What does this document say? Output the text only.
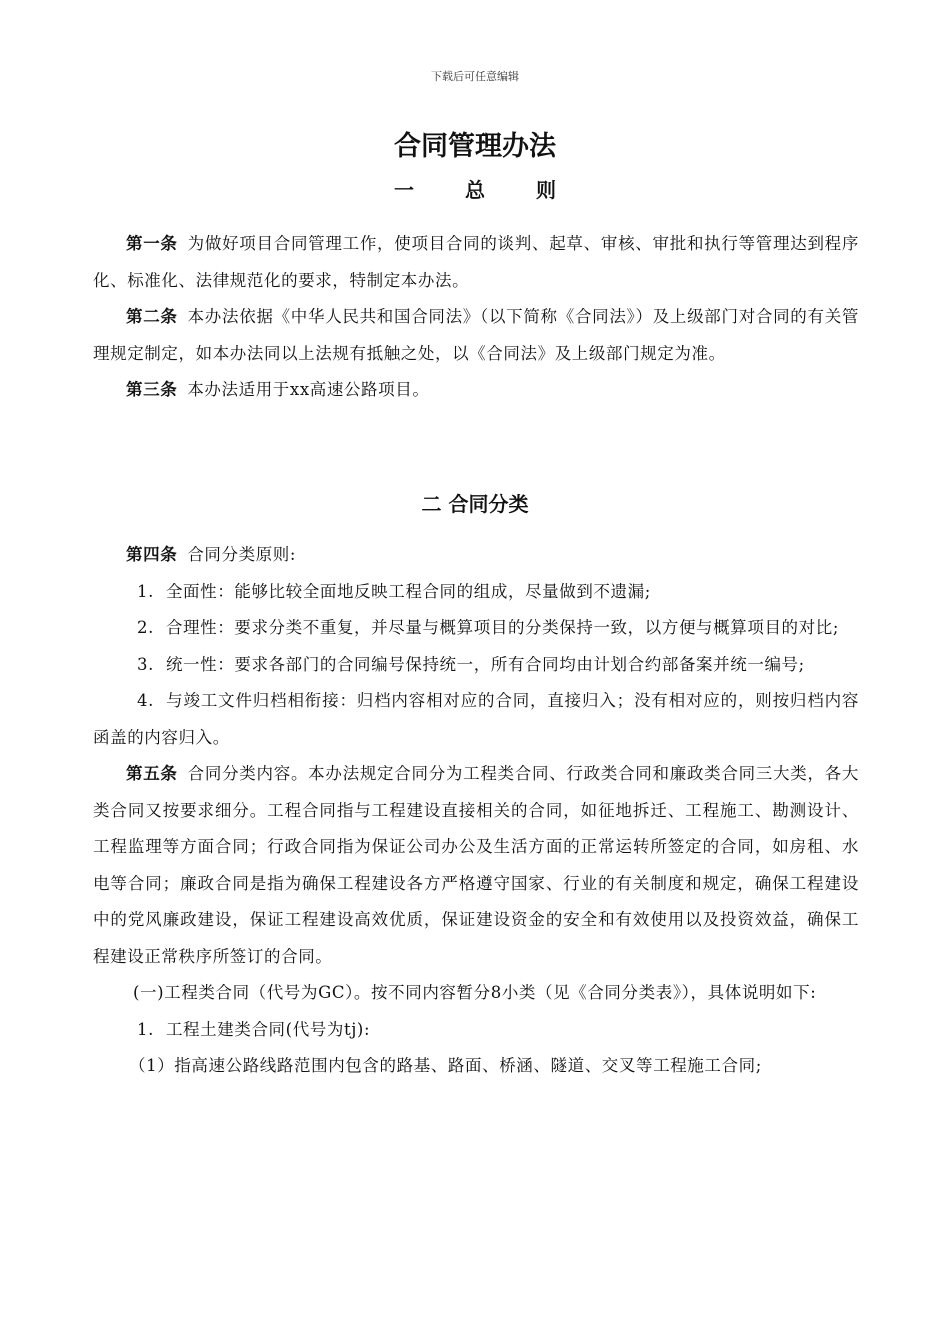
下载后可任意编辑
合同管理办法
一 总 则

第一条 为做好项目合同管理工作，使项目合同的谈判、起草、审核、审批和执行等管理达到程序化、标准化、法律规范化的要求，特制定本办法。

第二条 本办法依据《中华人民共和国合同法》（以下简称《合同法》）及上级部门对合同的有关管理规定制定，如本办法同以上法规有抵触之处，以《合同法》及上级部门规定为准。

第三条 本办法适用于xx高速公路项目。

二 合同分类

第四条 合同分类原则:

1. 全面性：能够比较全面地反映工程合同的组成，尽量做到不遗漏;

2. 合理性：要求分类不重复，并尽量与概算项目的分类保持一致，以方便与概算项目的对比;

3. 统一性：要求各部门的合同编号保持统一，所有合同均由计划合约部备案并统一编号;

4. 与竣工文件归档相衔接：归档内容相对应的合同，直接归入；没有相对应的，则按归档内容函盖的内容归入。

第五条 合同分类内容。本办法规定合同分为工程类合同、行政类合同和廉政类合同三大类，各大类合同又按要求细分。工程合同指与工程建设直接相关的合同，如征地拆迁、工程施工、勘测设计、工程监理等方面合同；行政合同指为保证公司办公及生活方面的正常运转所签定的合同，如房租、水电等合同；廉政合同是指为确保工程建设各方严格遵守国家、行业的有关制度和规定，确保工程建设中的党风廉政建设，保证工程建设高效优质，保证建设资金的安全和有效使用以及投资效益，确保工程建设正常秩序所签订的合同。

(一)工程类合同（代号为GC）。按不同内容暂分8小类（见《合同分类表》），具体说明如下:

1. 工程土建类合同(代号为tj):

（1）指高速公路线路范围内包含的路基、路面、桥涵、隧道、交叉等工程施工合同;
